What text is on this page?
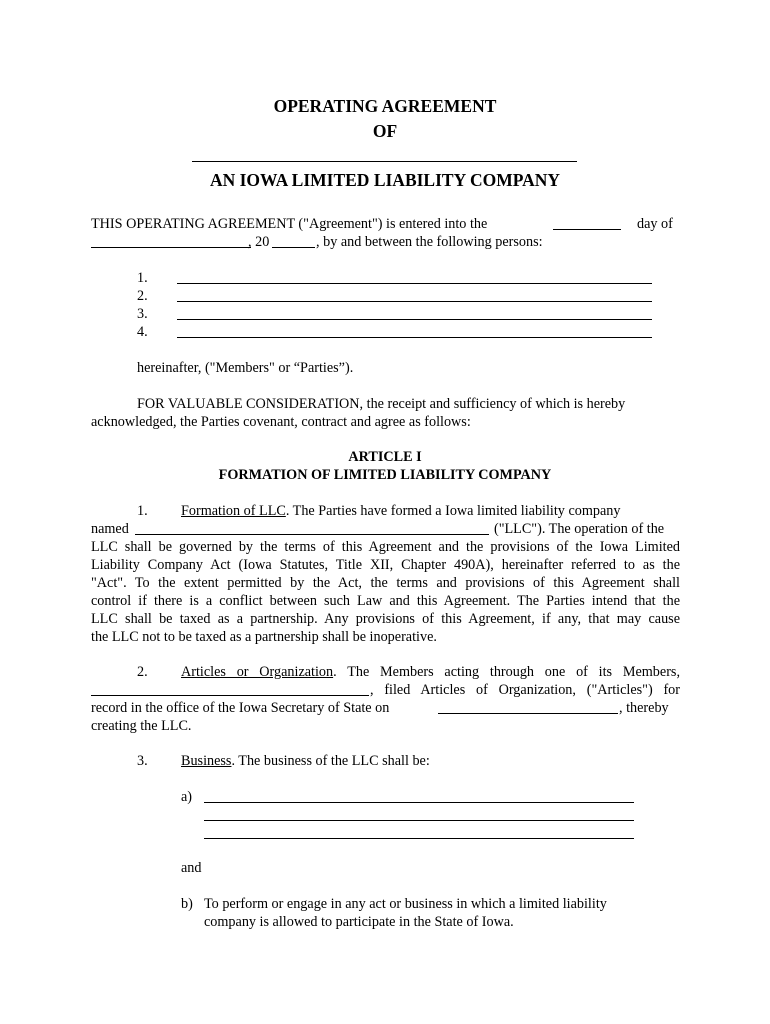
OPERATING AGREEMENT
OF
AN IOWA LIMITED LIABILITY COMPANY
THIS OPERATING AGREEMENT ("Agreement") is entered into the	day of
, 20	, by and between the following persons:
1.
2.
3.
4.
hereinafter, ("Members" or “Parties”).
FOR VALUABLE CONSIDERATION, the receipt and sufficiency of which is hereby
acknowledged, the Parties covenant, contract and agree as follows:
ARTICLE I
FORMATION OF LIMITED LIABILITY COMPANY
1. Formation of LLC. The Parties have formed a Iowa limited liability company
named	("LLC"). The operation of the
LLC shall be governed by the terms of this Agreement and the provisions of the Iowa Limited
Liability Company Act (Iowa Statutes, Title XII, Chapter 490A), hereinafter referred to as the
"Act". To the extent permitted by the Act, the terms and provisions of this Agreement shall
control if there is a conflict between such Law and this Agreement. The Parties intend that the
LLC shall be taxed as a partnership. Any provisions of this Agreement, if any, that may cause
the LLC not to be taxed as a partnership shall be inoperative.
2. Articles or Organization. The Members acting through one of its Members,
, filed Articles of Organization, ("Articles") for
record in the office of the Iowa Secretary of State on	, thereby
creating the LLC.
3. Business. The business of the LLC shall be:
a)
and
b) To perform or engage in any act or business in which a limited liability
company is allowed to participate in the State of Iowa.
